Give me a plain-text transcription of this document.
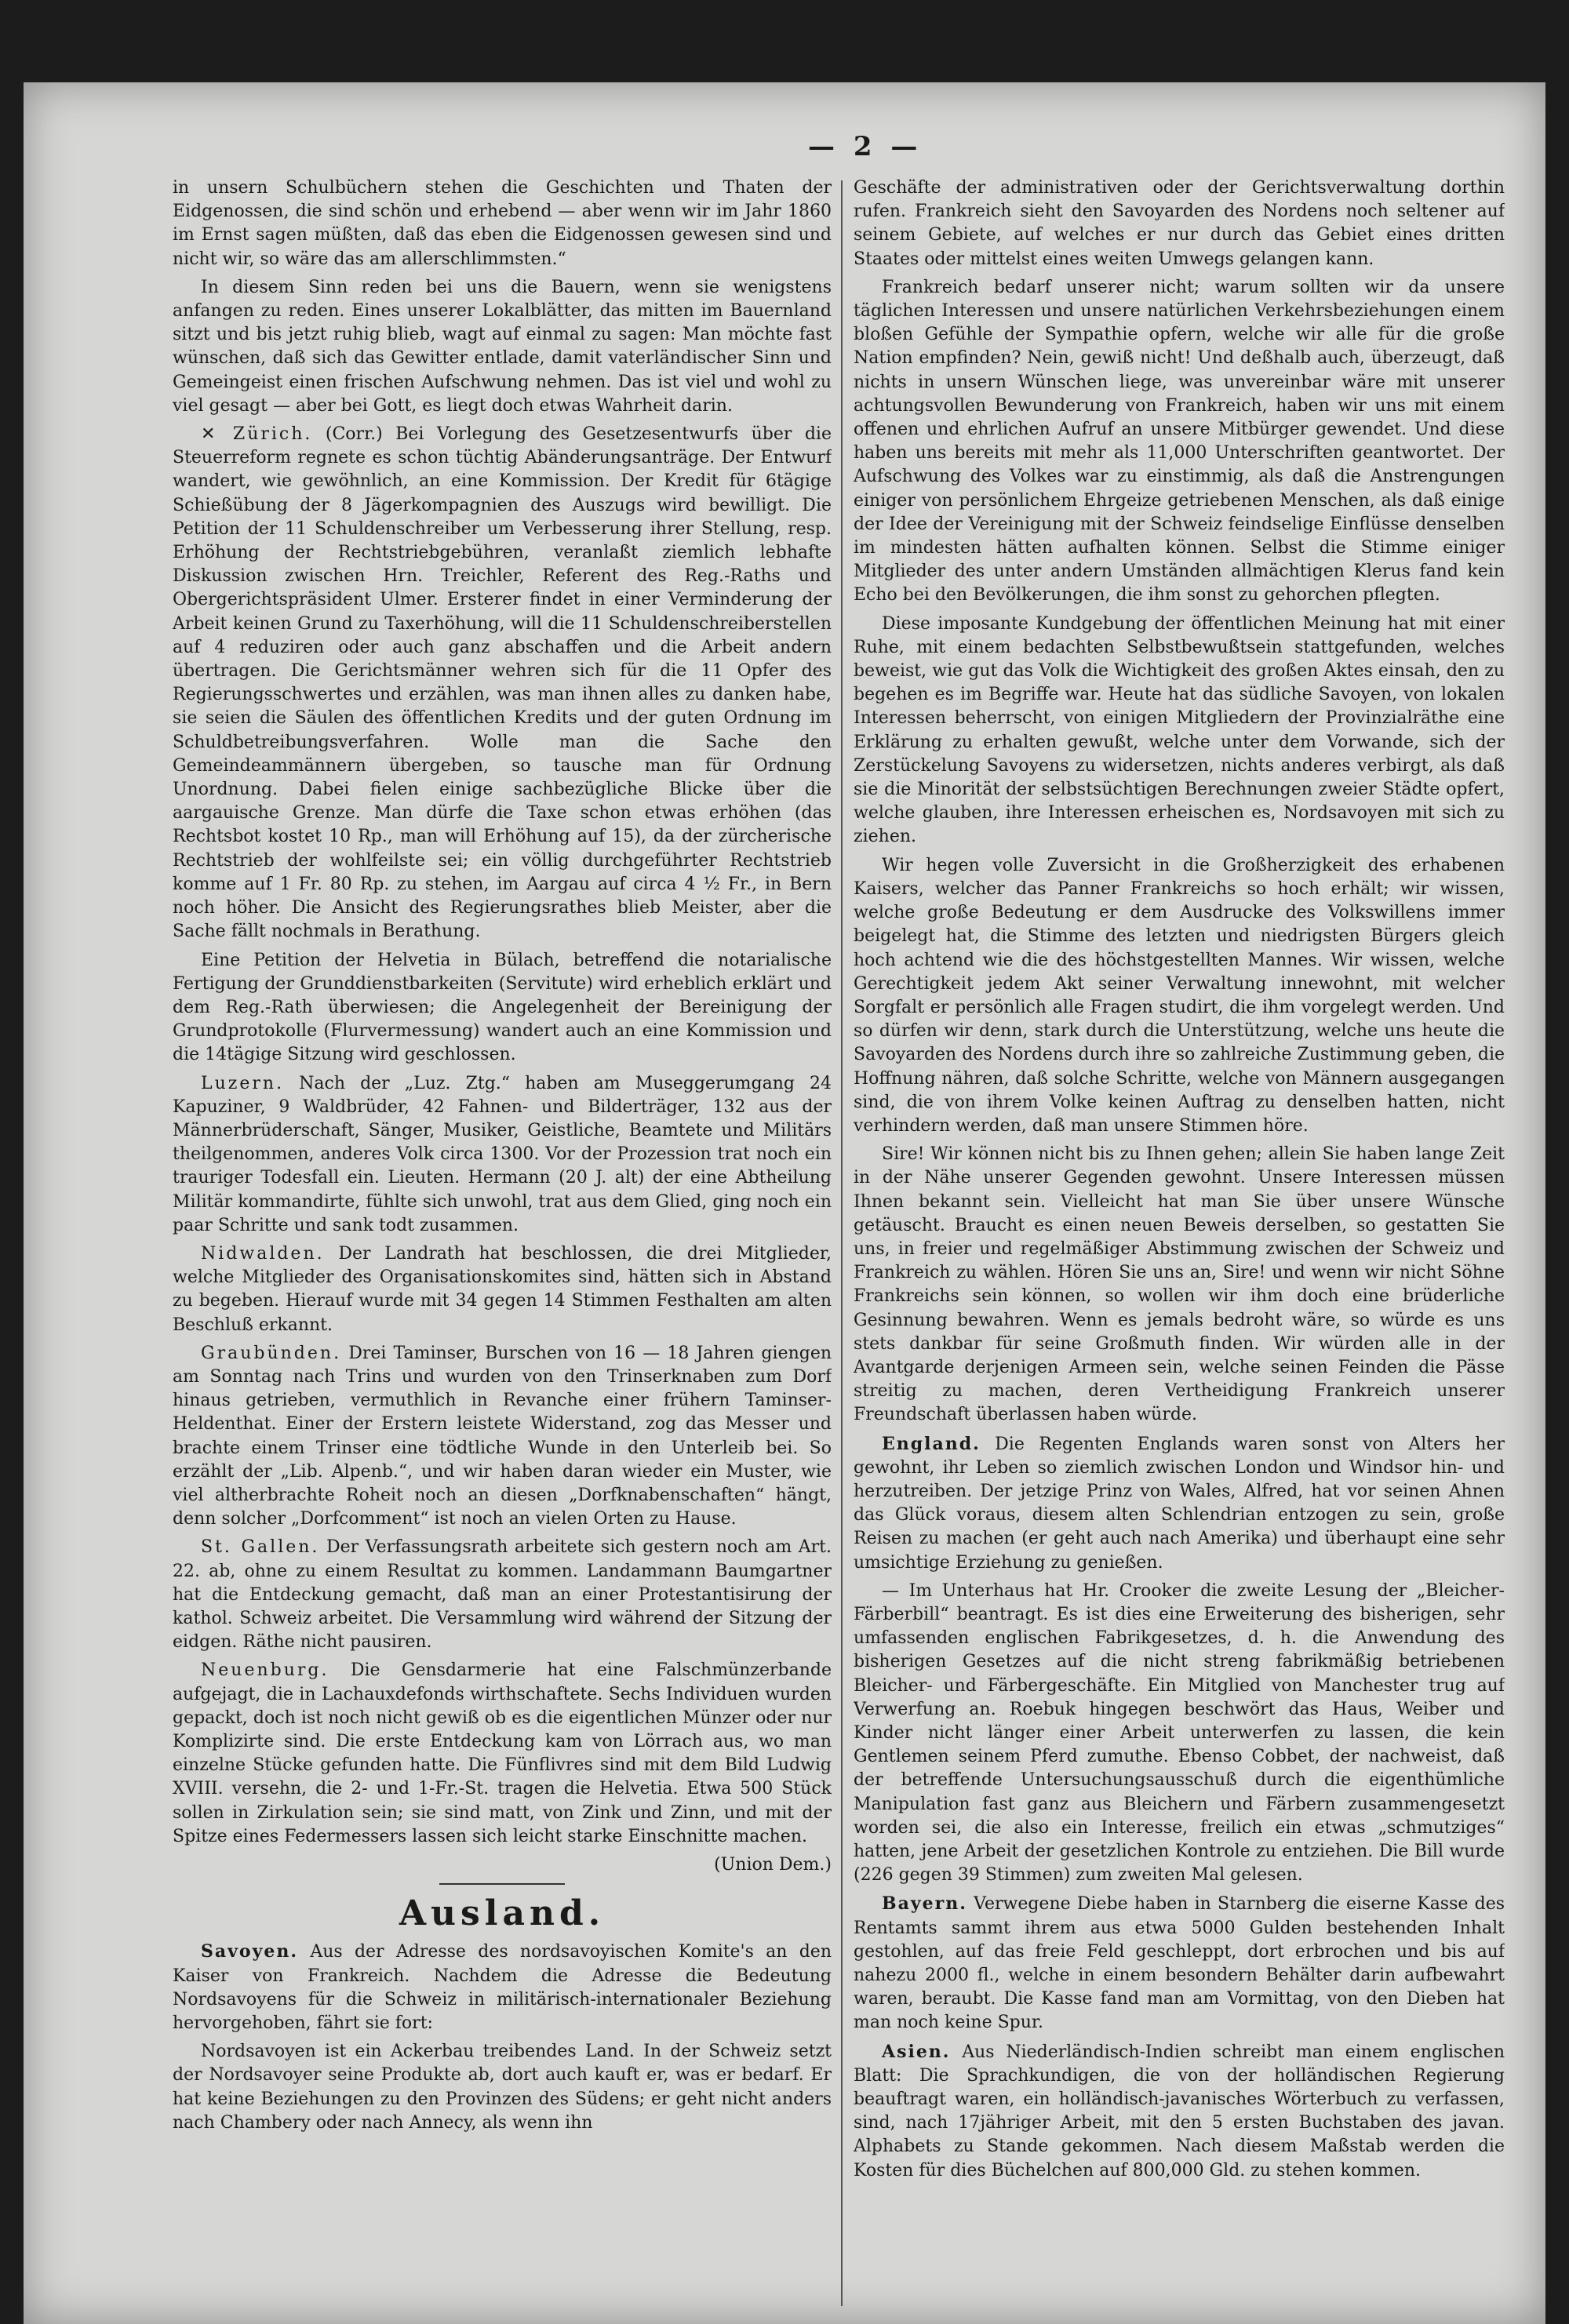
— 2 —

in unsern Schulbüchern stehen die Geschichten und Thaten der Eidgenossen, die sind schön und erhebend — aber wenn wir im Jahr 1860 im Ernst sagen müßten, daß das eben die Eidgenossen gewesen sind und nicht wir, so wäre das am allerschlimmsten.“

In diesem Sinn reden bei uns die Bauern, wenn sie wenigstens anfangen zu reden. Eines unserer Lokalblätter, das mitten im Bauernland sitzt und bis jetzt ruhig blieb, wagt auf einmal zu sagen: Man möchte fast wünschen, daß sich das Gewitter entlade, damit vaterländischer Sinn und Gemeingeist einen frischen Aufschwung nehmen. Das ist viel und wohl zu viel gesagt — aber bei Gott, es liegt doch etwas Wahrheit darin.

✕ Zürich. (Corr.) Bei Vorlegung des Gesetzesentwurfs über die Steuerreform regnete es schon tüchtig Abänderungsanträge. Der Entwurf wandert, wie gewöhnlich, an eine Kommission. Der Kredit für 6tägige Schießübung der 8 Jägerkompagnien des Auszugs wird bewilligt. Die Petition der 11 Schuldenschreiber um Verbesserung ihrer Stellung, resp. Erhöhung der Rechtstriebgebühren, veranlaßt ziemlich lebhafte Diskussion zwischen Hrn. Treichler, Referent des Reg.-Raths und Obergerichtspräsident Ulmer. Ersterer findet in einer Verminderung der Arbeit keinen Grund zu Taxerhöhung, will die 11 Schuldenschreiberstellen auf 4 reduziren oder auch ganz abschaffen und die Arbeit andern übertragen. Die Gerichtsmänner wehren sich für die 11 Opfer des Regierungsschwertes und erzählen, was man ihnen alles zu danken habe, sie seien die Säulen des öffentlichen Kredits und der guten Ordnung im Schuldbetreibungsverfahren. Wolle man die Sache den Gemeindeammännern übergeben, so tausche man für Ordnung Unordnung. Dabei fielen einige sachbezügliche Blicke über die aargauische Grenze. Man dürfe die Taxe schon etwas erhöhen (das Rechtsbot kostet 10 Rp., man will Erhöhung auf 15), da der zürcherische Rechtstrieb der wohlfeilste sei; ein völlig durchgeführter Rechtstrieb komme auf 1 Fr. 80 Rp. zu stehen, im Aargau auf circa 4 ½ Fr., in Bern noch höher. Die Ansicht des Regierungsrathes blieb Meister, aber die Sache fällt nochmals in Berathung.

Eine Petition der Helvetia in Bülach, betreffend die notarialische Fertigung der Grunddienstbarkeiten (Servitute) wird erheblich erklärt und dem Reg.-Rath überwiesen; die Angelegenheit der Bereinigung der Grundprotokolle (Flurvermessung) wandert auch an eine Kommission und die 14tägige Sitzung wird geschlossen.

Luzern. Nach der „Luz. Ztg.“ haben am Museggerumgang 24 Kapuziner, 9 Waldbrüder, 42 Fahnen- und Bilderträger, 132 aus der Männerbrüderschaft, Sänger, Musiker, Geistliche, Beamtete und Militärs theilgenommen, anderes Volk circa 1300. Vor der Prozession trat noch ein trauriger Todesfall ein. Lieuten. Hermann (20 J. alt) der eine Abtheilung Militär kommandirte, fühlte sich unwohl, trat aus dem Glied, ging noch ein paar Schritte und sank todt zusammen.

Nidwalden. Der Landrath hat beschlossen, die drei Mitglieder, welche Mitglieder des Organisationskomites sind, hätten sich in Abstand zu begeben. Hierauf wurde mit 34 gegen 14 Stimmen Festhalten am alten Beschluß erkannt.

Graubünden. Drei Taminser, Burschen von 16 — 18 Jahren giengen am Sonntag nach Trins und wurden von den Trinserknaben zum Dorf hinaus getrieben, vermuthlich in Revanche einer frühern Taminser-Heldenthat. Einer der Erstern leistete Widerstand, zog das Messer und brachte einem Trinser eine tödtliche Wunde in den Unterleib bei. So erzählt der „Lib. Alpenb.“, und wir haben daran wieder ein Muster, wie viel altherbrachte Roheit noch an diesen „Dorfknabenschaften“ hängt, denn solcher „Dorfcomment“ ist noch an vielen Orten zu Hause.

St. Gallen. Der Verfassungsrath arbeitete sich gestern noch am Art. 22. ab, ohne zu einem Resultat zu kommen. Landammann Baumgartner hat die Entdeckung gemacht, daß man an einer Protestantisirung der kathol. Schweiz arbeitet. Die Versammlung wird während der Sitzung der eidgen. Räthe nicht pausiren.

Neuenburg. Die Gensdarmerie hat eine Falschmünzerbande aufgejagt, die in Lachauxdefonds wirthschaftete. Sechs Individuen wurden gepackt, doch ist noch nicht gewiß ob es die eigentlichen Münzer oder nur Komplizirte sind. Die erste Entdeckung kam von Lörrach aus, wo man einzelne Stücke gefunden hatte. Die Fünflivres sind mit dem Bild Ludwig XVIII. versehn, die 2- und 1-Fr.-St. tragen die Helvetia. Etwa 500 Stück sollen in Zirkulation sein; sie sind matt, von Zink und Zinn, und mit der Spitze eines Federmessers lassen sich leicht starke Einschnitte machen.

(Union Dem.)

Ausland.

Savoyen. Aus der Adresse des nordsavoyischen Komite's an den Kaiser von Frankreich. Nachdem die Adresse die Bedeutung Nordsavoyens für die Schweiz in militärisch-internationaler Beziehung hervorgehoben, fährt sie fort:

Nordsavoyen ist ein Ackerbau treibendes Land. In der Schweiz setzt der Nordsavoyer seine Produkte ab, dort auch kauft er, was er bedarf. Er hat keine Beziehungen zu den Provinzen des Südens; er geht nicht anders nach Chambery oder nach Annecy, als wenn ihn

Geschäfte der administrativen oder der Gerichtsverwaltung dorthin rufen. Frankreich sieht den Savoyarden des Nordens noch seltener auf seinem Gebiete, auf welches er nur durch das Gebiet eines dritten Staates oder mittelst eines weiten Umwegs gelangen kann.

Frankreich bedarf unserer nicht; warum sollten wir da unsere täglichen Interessen und unsere natürlichen Verkehrsbeziehungen einem bloßen Gefühle der Sympathie opfern, welche wir alle für die große Nation empfinden? Nein, gewiß nicht! Und deßhalb auch, überzeugt, daß nichts in unsern Wünschen liege, was unvereinbar wäre mit unserer achtungsvollen Bewunderung von Frankreich, haben wir uns mit einem offenen und ehrlichen Aufruf an unsere Mitbürger gewendet. Und diese haben uns bereits mit mehr als 11,000 Unterschriften geantwortet. Der Aufschwung des Volkes war zu einstimmig, als daß die Anstrengungen einiger von persönlichem Ehrgeize getriebenen Menschen, als daß einige der Idee der Vereinigung mit der Schweiz feindselige Einflüsse denselben im mindesten hätten aufhalten können. Selbst die Stimme einiger Mitglieder des unter andern Umständen allmächtigen Klerus fand kein Echo bei den Bevölkerungen, die ihm sonst zu gehorchen pflegten.

Diese imposante Kundgebung der öffentlichen Meinung hat mit einer Ruhe, mit einem bedachten Selbstbewußtsein stattgefunden, welches beweist, wie gut das Volk die Wichtigkeit des großen Aktes einsah, den zu begehen es im Begriffe war. Heute hat das südliche Savoyen, von lokalen Interessen beherrscht, von einigen Mitgliedern der Provinzialräthe eine Erklärung zu erhalten gewußt, welche unter dem Vorwande, sich der Zerstückelung Savoyens zu widersetzen, nichts anderes verbirgt, als daß sie die Minorität der selbstsüchtigen Berechnungen zweier Städte opfert, welche glauben, ihre Interessen erheischen es, Nordsavoyen mit sich zu ziehen.

Wir hegen volle Zuversicht in die Großherzigkeit des erhabenen Kaisers, welcher das Panner Frankreichs so hoch erhält; wir wissen, welche große Bedeutung er dem Ausdrucke des Volkswillens immer beigelegt hat, die Stimme des letzten und niedrigsten Bürgers gleich hoch achtend wie die des höchstgestellten Mannes. Wir wissen, welche Gerechtigkeit jedem Akt seiner Verwaltung innewohnt, mit welcher Sorgfalt er persönlich alle Fragen studirt, die ihm vorgelegt werden. Und so dürfen wir denn, stark durch die Unterstützung, welche uns heute die Savoyarden des Nordens durch ihre so zahlreiche Zustimmung geben, die Hoffnung nähren, daß solche Schritte, welche von Männern ausgegangen sind, die von ihrem Volke keinen Auftrag zu denselben hatten, nicht verhindern werden, daß man unsere Stimmen höre.

Sire! Wir können nicht bis zu Ihnen gehen; allein Sie haben lange Zeit in der Nähe unserer Gegenden gewohnt. Unsere Interessen müssen Ihnen bekannt sein. Vielleicht hat man Sie über unsere Wünsche getäuscht. Braucht es einen neuen Beweis derselben, so gestatten Sie uns, in freier und regelmäßiger Abstimmung zwischen der Schweiz und Frankreich zu wählen. Hören Sie uns an, Sire! und wenn wir nicht Söhne Frankreichs sein können, so wollen wir ihm doch eine brüderliche Gesinnung bewahren. Wenn es jemals bedroht wäre, so würde es uns stets dankbar für seine Großmuth finden. Wir würden alle in der Avantgarde derjenigen Armeen sein, welche seinen Feinden die Pässe streitig zu machen, deren Vertheidigung Frankreich unserer Freundschaft überlassen haben würde.

England. Die Regenten Englands waren sonst von Alters her gewohnt, ihr Leben so ziemlich zwischen London und Windsor hin- und herzutreiben. Der jetzige Prinz von Wales, Alfred, hat vor seinen Ahnen das Glück voraus, diesem alten Schlendrian entzogen zu sein, große Reisen zu machen (er geht auch nach Amerika) und überhaupt eine sehr umsichtige Erziehung zu genießen.

— Im Unterhaus hat Hr. Crooker die zweite Lesung der „Bleicher- Färberbill“ beantragt. Es ist dies eine Erweiterung des bisherigen, sehr umfassenden englischen Fabrikgesetzes, d. h. die Anwendung des bisherigen Gesetzes auf die nicht streng fabrikmäßig betriebenen Bleicher- und Färbergeschäfte. Ein Mitglied von Manchester trug auf Verwerfung an. Roebuk hingegen beschwört das Haus, Weiber und Kinder nicht länger einer Arbeit unterwerfen zu lassen, die kein Gentlemen seinem Pferd zumuthe. Ebenso Cobbet, der nachweist, daß der betreffende Untersuchungsausschuß durch die eigenthümliche Manipulation fast ganz aus Bleichern und Färbern zusammengesetzt worden sei, die also ein Interesse, freilich ein etwas „schmutziges“ hatten, jene Arbeit der gesetzlichen Kontrole zu entziehen. Die Bill wurde (226 gegen 39 Stimmen) zum zweiten Mal gelesen.

Bayern. Verwegene Diebe haben in Starnberg die eiserne Kasse des Rentamts sammt ihrem aus etwa 5000 Gulden bestehenden Inhalt gestohlen, auf das freie Feld geschleppt, dort erbrochen und bis auf nahezu 2000 fl., welche in einem besondern Behälter darin aufbewahrt waren, beraubt. Die Kasse fand man am Vormittag, von den Dieben hat man noch keine Spur.

Asien. Aus Niederländisch-Indien schreibt man einem englischen Blatt: Die Sprachkundigen, die von der holländischen Regierung beauftragt waren, ein holländisch-javanisches Wörterbuch zu verfassen, sind, nach 17jähriger Arbeit, mit den 5 ersten Buchstaben des javan. Alphabets zu Stande gekommen. Nach diesem Maßstab werden die Kosten für dies Büchelchen auf 800,000 Gld. zu stehen kommen.
